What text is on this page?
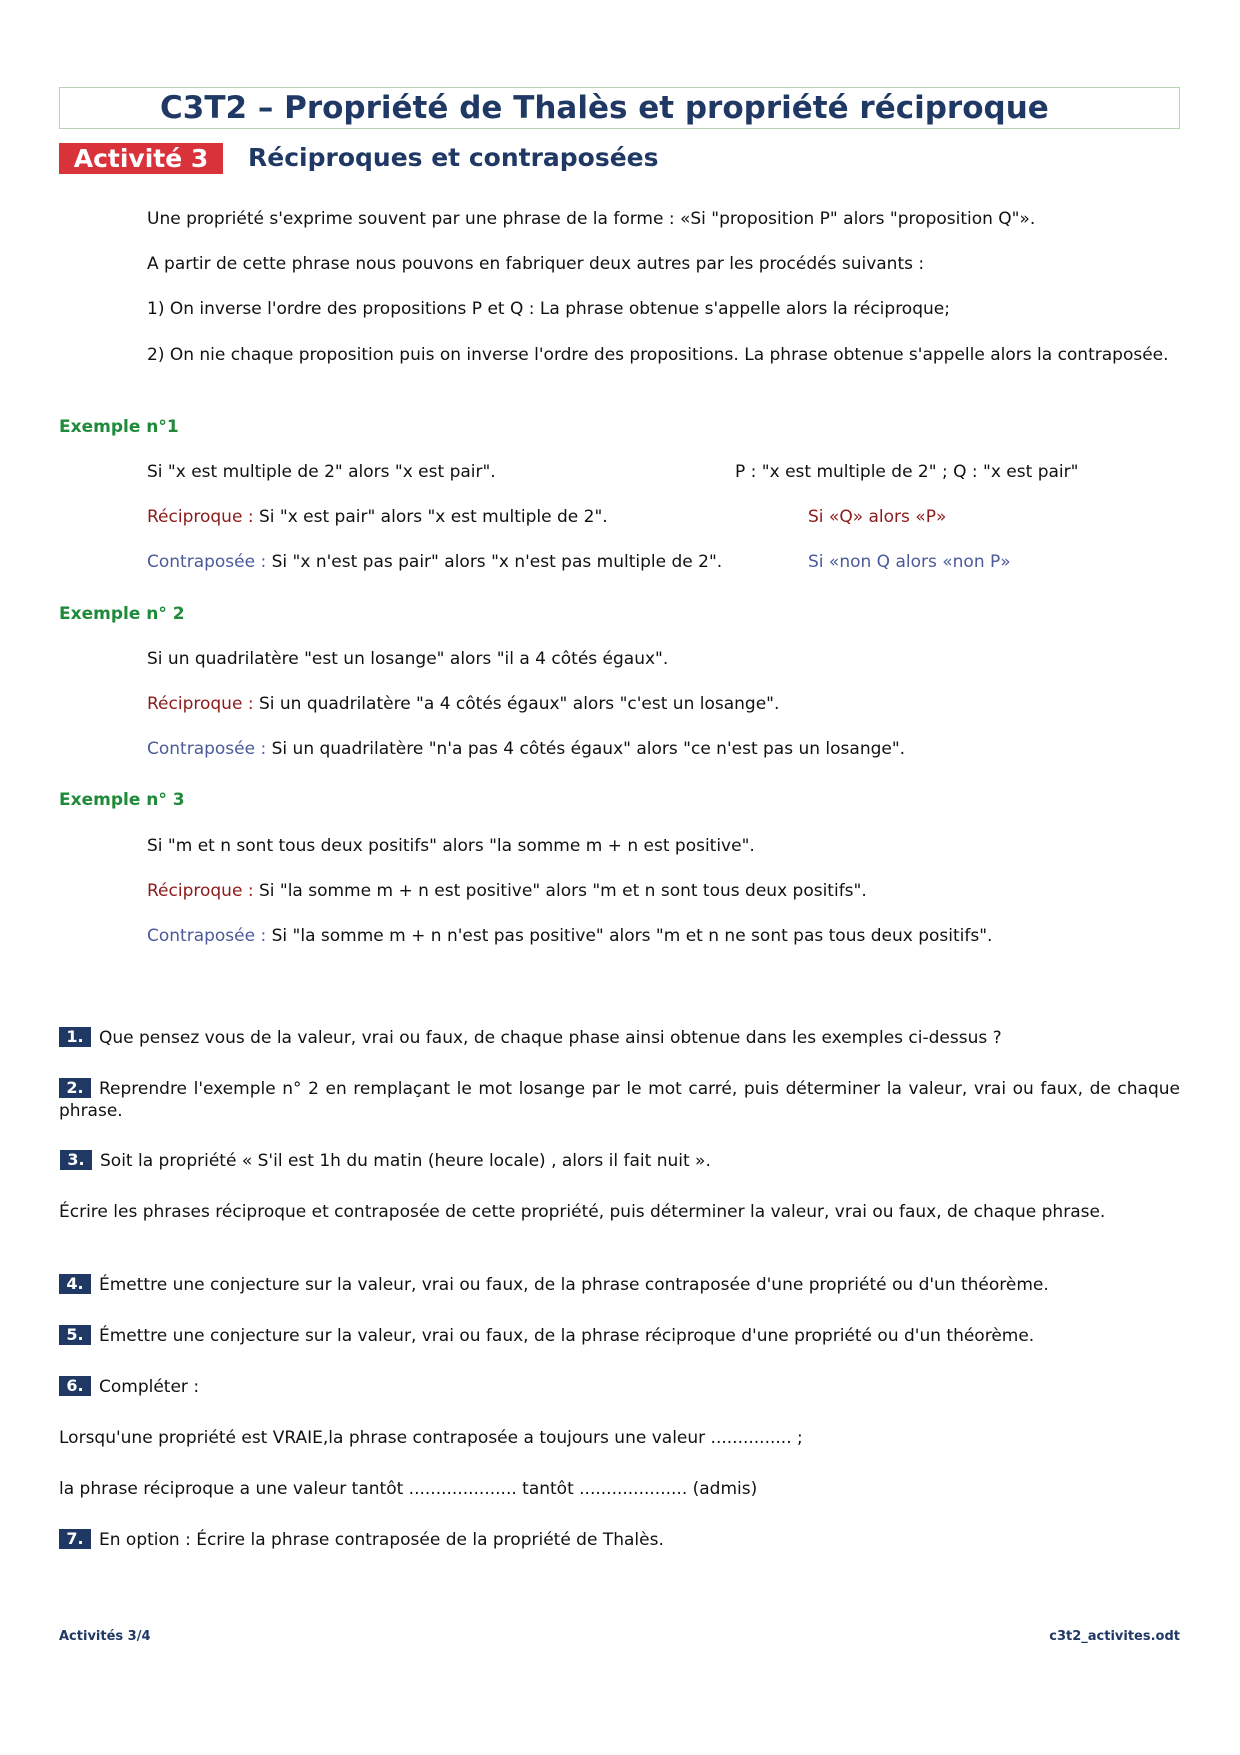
C3T2 – Propriété de Thalès et propriété réciproque
Activité 3	Réciproques et contraposées
Une propriété s'exprime souvent par une phrase de la forme : «Si "proposition P" alors "proposition Q"».
A partir de cette phrase nous pouvons en fabriquer deux autres par les procédés suivants :
1) On inverse l'ordre des propositions P et Q : La phrase obtenue s'appelle alors la réciproque;
2) On nie chaque proposition puis on inverse l'ordre des propositions. La phrase obtenue s'appelle alors la contraposée.
Exemple n°1
Si "x est multiple de 2" alors "x est pair".	P : "x est multiple de 2" ; Q : "x est pair"
Réciproque : Si "x est pair" alors "x est multiple de 2".	Si «Q» alors «P»
Contraposée : Si "x n'est pas pair" alors "x n'est pas multiple de 2".	Si «non Q alors «non P»
Exemple n° 2
Si un quadrilatère "est un losange" alors "il a 4 côtés égaux".
Réciproque : Si un quadrilatère "a 4 côtés égaux" alors "c'est un losange".
Contraposée : Si un quadrilatère "n'a pas 4 côtés égaux" alors "ce n'est pas un losange".
Exemple n° 3
Si "m et n sont tous deux positifs" alors "la somme m + n est positive".
Réciproque : Si "la somme m + n est positive" alors "m et n sont tous deux positifs".
Contraposée : Si "la somme m + n n'est pas positive" alors "m et n ne sont pas tous deux positifs".
1. Que pensez vous de la valeur, vrai ou faux, de chaque phase ainsi obtenue dans les exemples ci-dessus ?
2. Reprendre l'exemple n° 2 en remplaçant le mot losange par le mot carré, puis déterminer la valeur, vrai ou faux, de chaque phrase.
3. Soit la propriété « S'il est 1h du matin (heure locale) , alors il fait nuit ».
Écrire les phrases réciproque et contraposée de cette propriété, puis déterminer la valeur, vrai ou faux, de chaque phrase.
4. Émettre une conjecture sur la valeur, vrai ou faux, de la phrase contraposée d'une propriété ou d'un théorème.
5. Émettre une conjecture sur la valeur, vrai ou faux, de la phrase réciproque d'une propriété ou d'un théorème.
6. Compléter :
Lorsqu'une propriété est VRAIE,la phrase contraposée a toujours une valeur ............... ;
la phrase réciproque a une valeur tantôt .................... tantôt .................... (admis)
7. En option : Écrire la phrase contraposée de la propriété de Thalès.
Activités 3/4	c3t2_activites.odt
